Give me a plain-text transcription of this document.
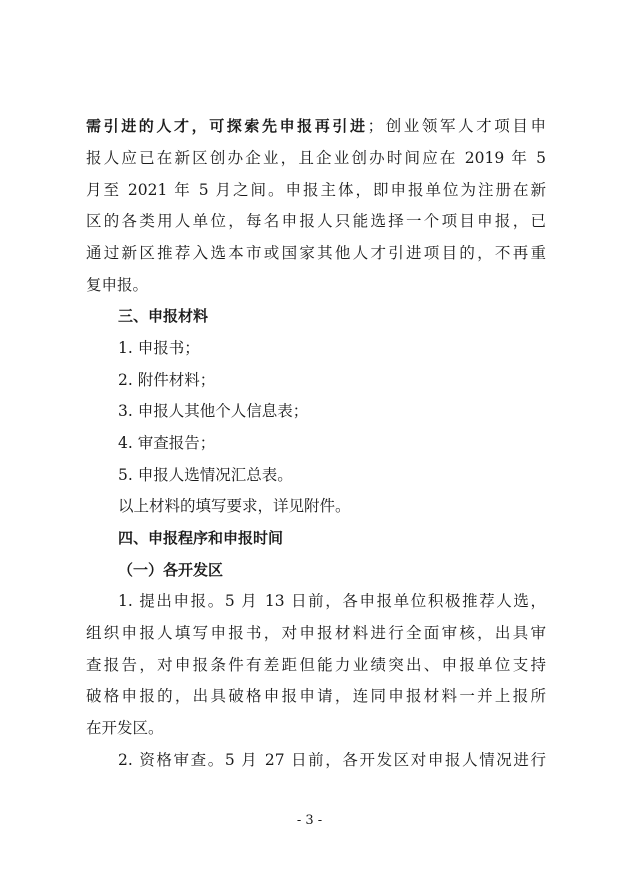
需引进的人才，可探索先申报再引进；创业领军人才项目申
报人应已在新区创办企业，且企业创办时间应在 2019 年 5
月至 2021 年 5 月之间。申报主体，即申报单位为注册在新
区的各类用人单位，每名申报人只能选择一个项目申报，已
通过新区推荐入选本市或国家其他人才引进项目的，不再重
复申报。
三、申报材料
1. 申报书；
2. 附件材料；
3. 申报人其他个人信息表；
4. 审查报告；
5. 申报人选情况汇总表。
以上材料的填写要求，详见附件。
四、申报程序和申报时间
（一）各开发区
1. 提出申报。5 月 13 日前，各申报单位积极推荐人选，
组织申报人填写申报书，对申报材料进行全面审核，出具审
查报告，对申报条件有差距但能力业绩突出、申报单位支持
破格申报的，出具破格申报申请，连同申报材料一并上报所
在开发区。
2. 资格审查。5 月 27 日前，各开发区对申报人情况进行
- 3 -
